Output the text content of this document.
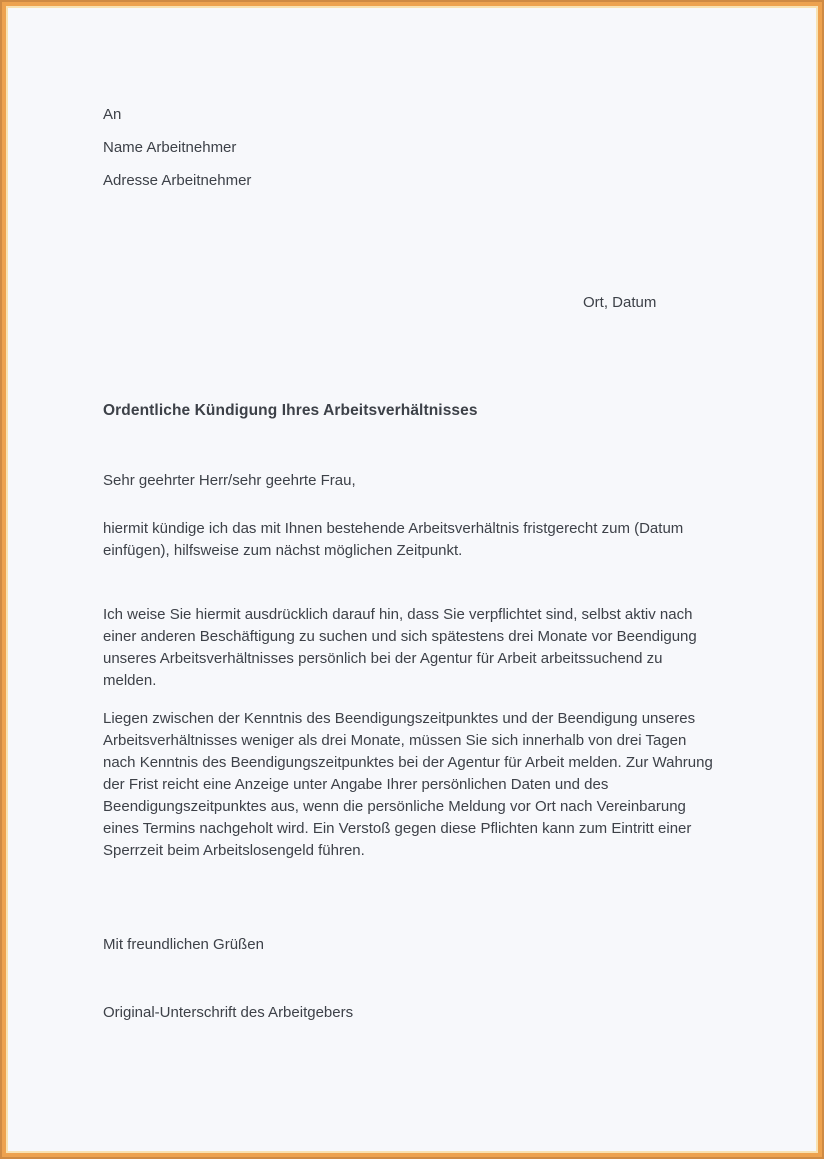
An
Name Arbeitnehmer
Adresse Arbeitnehmer
Ort, Datum
Ordentliche Kündigung Ihres Arbeitsverhältnisses
Sehr geehrter Herr/sehr geehrte Frau,
hiermit kündige ich das mit Ihnen bestehende Arbeitsverhältnis fristgerecht zum (Datum einfügen), hilfsweise zum nächst möglichen Zeitpunkt.
Ich weise Sie hiermit ausdrücklich darauf hin, dass Sie verpflichtet sind, selbst aktiv nach einer anderen Beschäftigung zu suchen und sich spätestens drei Monate vor Beendigung unseres Arbeitsverhältnisses persönlich bei der Agentur für Arbeit arbeitssuchend zu melden.
Liegen zwischen der Kenntnis des Beendigungszeitpunktes und der Beendigung unseres Arbeitsverhältnisses weniger als drei Monate, müssen Sie sich innerhalb von drei Tagen nach Kenntnis des Beendigungszeitpunktes bei der Agentur für Arbeit melden. Zur Wahrung der Frist reicht eine Anzeige unter Angabe Ihrer persönlichen Daten und des Beendigungszeitpunktes aus, wenn die persönliche Meldung vor Ort nach Vereinbarung eines Termins nachgeholt wird. Ein Verstoß gegen diese Pflichten kann zum Eintritt einer Sperrzeit beim Arbeitslosengeld führen.
Mit freundlichen Grüßen
Original-Unterschrift des Arbeitgebers
